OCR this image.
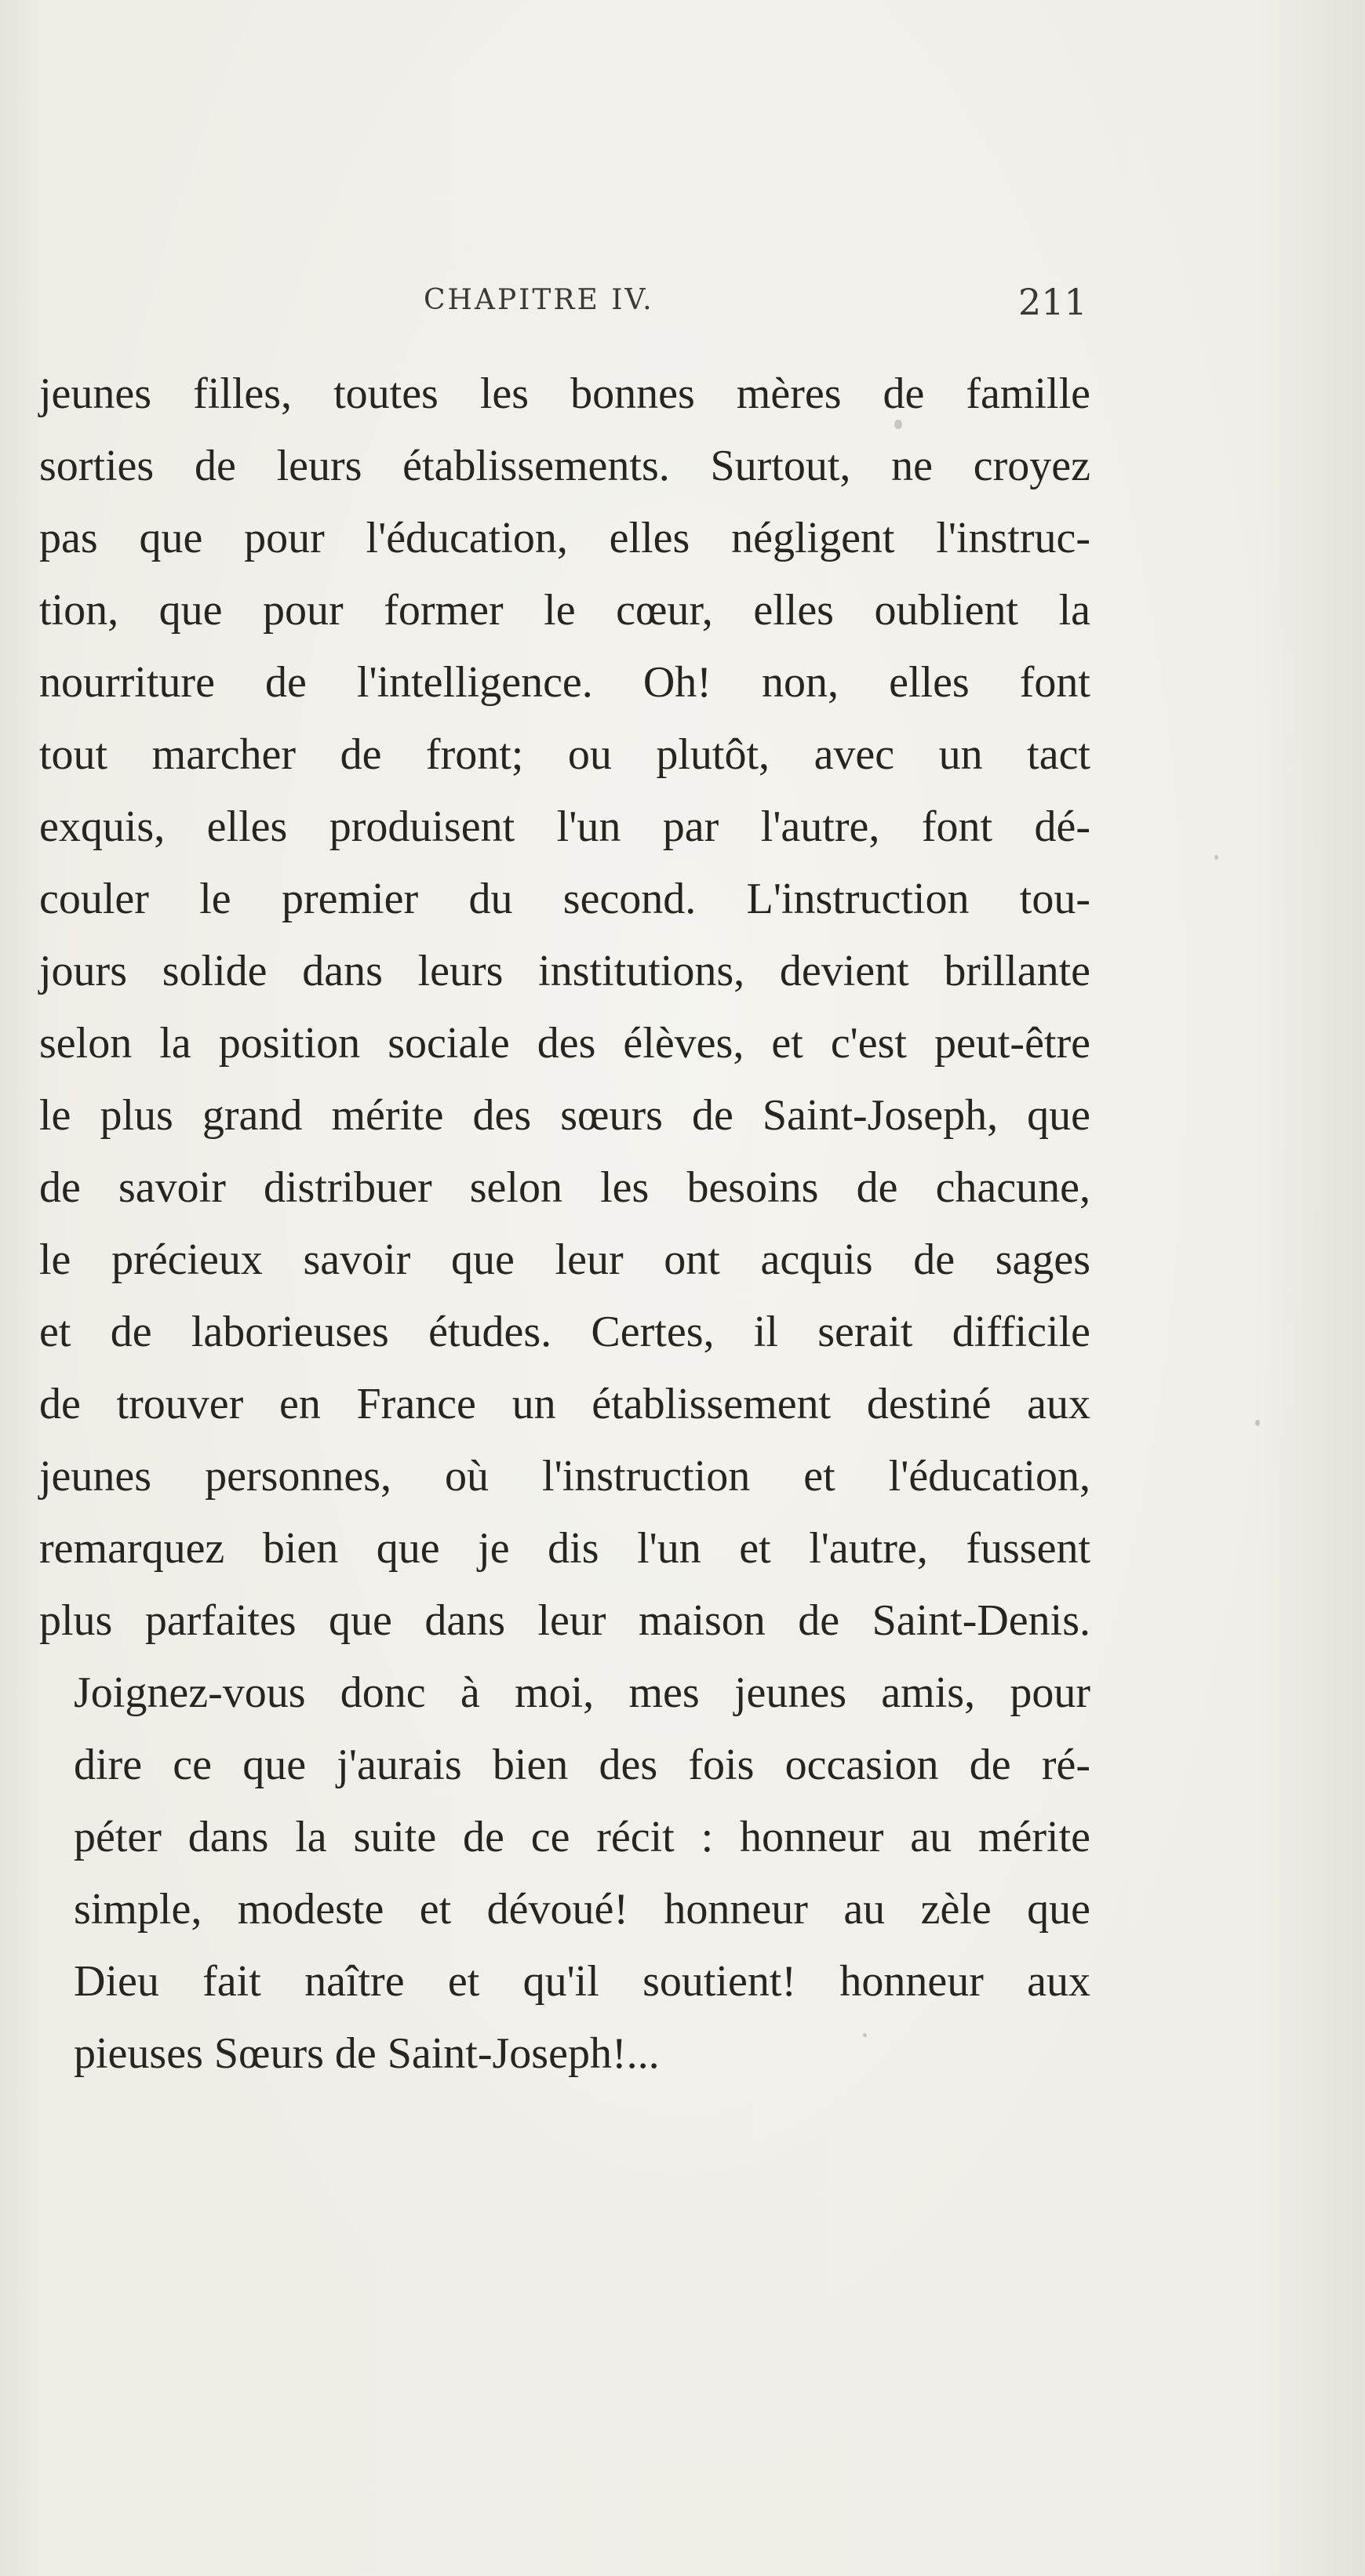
CHAPITRE IV.	211

jeunes filles, toutes les bonnes mères de famille
sorties de leurs établissements. Surtout, ne croyez
pas que pour l'éducation, elles négligent l'instruc-
tion, que pour former le cœur, elles oublient la
nourriture de l'intelligence. Oh! non, elles font
tout marcher de front; ou plutôt, avec un tact
exquis, elles produisent l'un par l'autre, font dé-
couler le premier du second. L'instruction tou-
jours solide dans leurs institutions, devient brillante
selon la position sociale des élèves, et c'est peut-être
le plus grand mérite des sœurs de Saint-Joseph, que
de savoir distribuer selon les besoins de chacune,
le précieux savoir que leur ont acquis de sages
et de laborieuses études. Certes, il serait difficile
de trouver en France un établissement destiné aux
jeunes personnes, où l'instruction et l'éducation,
remarquez bien que je dis l'un et l'autre, fussent
plus parfaites que dans leur maison de Saint-Denis.

Joignez-vous donc à moi, mes jeunes amis, pour
dire ce que j'aurais bien des fois occasion de ré-
péter dans la suite de ce récit : honneur au mérite
simple, modeste et dévoué! honneur au zèle que
Dieu fait naître et qu'il soutient! honneur aux
pieuses Sœurs de Saint-Joseph!...
